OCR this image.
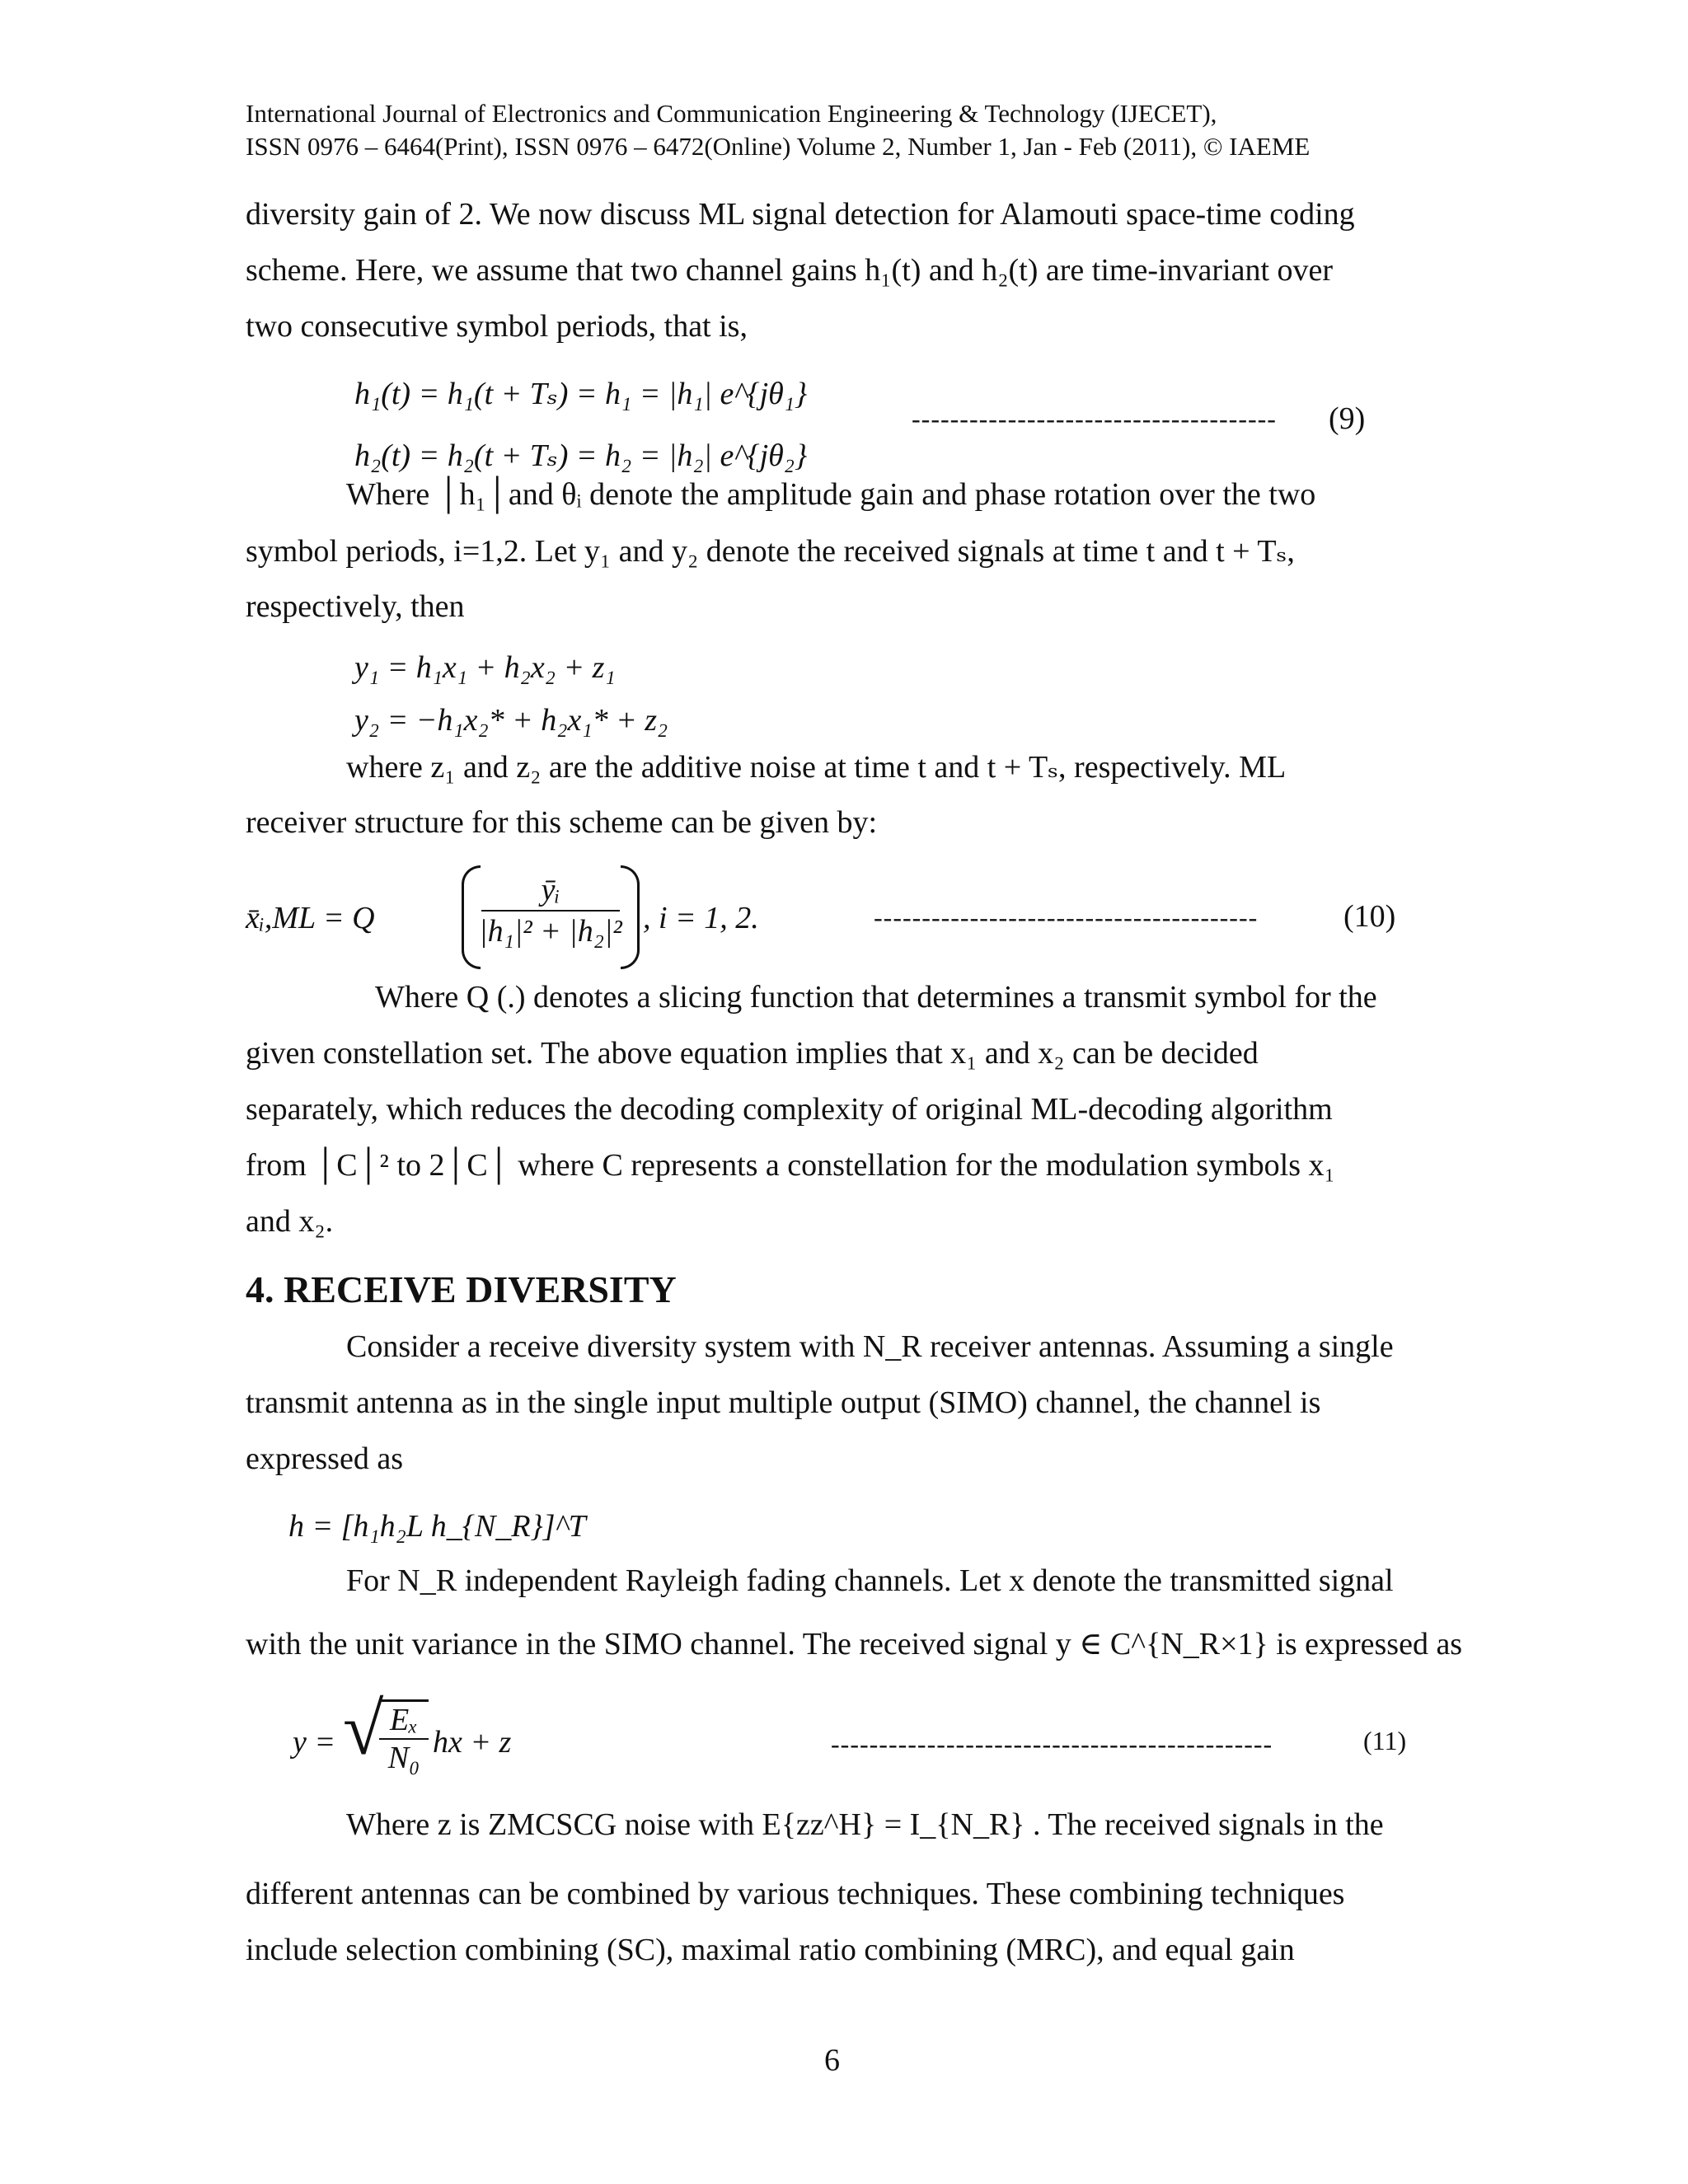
International Journal of Electronics and Communication Engineering & Technology (IJECET),
ISSN 0976 – 6464(Print), ISSN 0976 – 6472(Online) Volume 2, Number 1, Jan - Feb (2011), © IAEME
diversity gain of 2. We now discuss ML signal detection for Alamouti space-time coding
scheme. Here, we assume that two channel gains h₁(t) and h₂(t) are time-invariant over
two consecutive symbol periods, that is,
h₁(t) = h₁(t + Tₛ) = h₁ = |h₁| e^{jθ₁}
h₂(t) = h₂(t + Tₛ) = h₂ = |h₂| e^{jθ₂}
-------------------------------------- (9)
Where │h₁│and θᵢ denote the amplitude gain and phase rotation over the two
symbol periods, i=1,2. Let y₁ and y₂ denote the received signals at time t and t + Tₛ,
respectively, then
y₁ = h₁x₁ + h₂x₂ + z₁
y₂ = −h₁x₂* + h₂x₁* + z₂
where z₁ and z₂ are the additive noise at time t and t + Tₛ, respectively. ML
receiver structure for this scheme can be given by:
x̄ᵢ,ML = Q
ȳᵢ
|h₁|² + |h₂|² , i = 1, 2.	----------------------------------------	(10)
Where Q (.) denotes a slicing function that determines a transmit symbol for the
given constellation set. The above equation implies that x₁ and x₂ can be decided
separately, which reduces the decoding complexity of original ML-decoding algorithm
from │C│² to 2│C│ where C represents a constellation for the modulation symbols x₁
and x₂.
4. RECEIVE DIVERSITY
Consider a receive diversity system with N_R receiver antennas. Assuming a single
transmit antenna as in the single input multiple output (SIMO) channel, the channel is
expressed as
h = [h₁h₂L h_{N_R}]^T
For N_R independent Rayleigh fading channels. Let x denote the transmitted signal
with the unit variance in the SIMO channel. The received signal y ∈ C^{N_R×1} is expressed as
y = √ Eₓ
N₀ hx + z	----------------------------------------------	(11)
Where z is ZMCSCG noise with E{zz^H} = I_{N_R} . The received signals in the
different antennas can be combined by various techniques. These combining techniques
include selection combining (SC), maximal ratio combining (MRC), and equal gain
6
